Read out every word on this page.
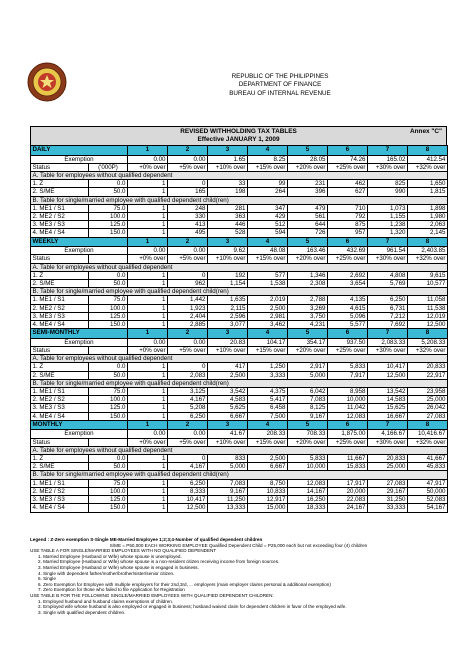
REPUBLIC OF THE PHILIPPINES
DEPARTMENT OF FINANCE
BUREAU OF INTERNAL REVENUE
REVISED WITHHOLDING TAX TABLES	Annex "C"
Effective JANUARY 1, 2009
DAILY		1	2	3	4	5	6	7	8
Exemption		0.00	0.00	1.65	8.25	28.05	74.26	165.02	412.54
Status	('000P)	+0% over	+5% over	+10% over	+15% over	+20% over	+25% over	+30% over	+32% over
A. Table for employees without qualified dependent									
1. Z	0.0	1	0	33	99	231	462	825	1,650
2. S/ME	50.0	1	165	198	264	396	627	990	1,815
B. Table for single/married employee with qualified dependent child(ren)									
1. ME1 / S1	75.0	1	248	281	347	479	710	1,073	1,898
2. ME2 / S2	100.0	1	330	363	429	561	792	1,155	1,980
3. ME3 / S3	125.0	1	413	446	512	644	875	1,238	2,063
4. ME4 / S4	150.0	1	495	528	594	726	957	1,320	2,145
WEEKLY		1	2	3	4	5	6	7	8
Exemption		0.00	0.00	9.62	48.08	163.46	432.69	961.54	2,403.85
Status		+0% over	+5% over	+10% over	+15% over	+20% over	+25% over	+30% over	+32% over
A. Table for employees without qualified dependent									
1. Z	0.0	1	0	192	577	1,346	2,692	4,808	9,615
2. S/ME	50.0	1	962	1,154	1,538	2,308	3,654	5,769	10,577
B. Table for single/married employee with qualified dependent child(ren)									
1. ME1 / S1	75.0	1	1,442	1,635	2,019	2,788	4,135	6,250	11,058
2. ME2 / S2	100.0	1	1,923	2,115	2,500	3,269	4,615	6,731	11,538
3. ME3 / S3	125.0	1	2,404	2,596	2,981	3,750	5,096	7,212	12,019
4. ME4 / S4	150.0	1	2,885	3,077	3,462	4,231	5,577	7,692	12,500
SEMI-MONTHLY		1	2	3	4	5	6	7	8
Exemption		0.00	0.00	20.83	104.17	354.17	937.50	2,083.33	5,208.33
Status		+0% over	+5% over	+10% over	+15% over	+20% over	+25% over	+30% over	+32% over
A. Table for employees without qualified dependent									
1. Z	0.0	1	0	417	1,250	2,917	5,833	10,417	20,833
2. S/ME	50.0	1	2,083	2,500	3,333	5,000	7,917	12,500	22,917
B. Table for single/married employee with qualified dependent child(ren)									
1. ME1 / S1	75.0	1	3,125	3,542	4,375	6,042	8,958	13,542	23,958
2. ME2 / S2	100.0	1	4,167	4,583	5,417	7,083	10,000	14,583	25,000
3. ME3 / S3	125.0	1	5,208	5,625	6,458	8,125	11,042	15,625	26,042
4. ME4 / S4	150.0	1	6,250	6,667	7,500	9,167	12,083	16,667	27,083
MONTHLY		1	2	3	4	5	6	7	8
Exemption		0.00	0.00	41.67	208.33	708.33	1,875.00	4,166.67	10,416.67
Status		+0% over	+5% over	+10% over	+15% over	+20% over	+25% over	+30% over	+32% over
A. Table for employees without qualified dependent									
1. Z	0.0	1	0	833	2,500	5,833	11,667	20,833	41,667
2. S/ME	50.0	1	4,167	5,000	6,667	10,000	15,833	25,000	45,833
B. Table for single/married employee with qualified dependent child(ren)									
1. ME1 / S1	75.0	1	6,250	7,083	8,750	12,083	17,917	27,083	47,917
2. ME2 / S2	100.0	1	8,333	9,167	10,833	14,167	20,000	29,167	50,000
3. ME3 / S3	125.0	1	10,417	11,250	12,917	16,250	22,083	31,250	52,083
4. ME4 / S4	150.0	1	12,500	13,333	15,000	18,333	24,167	33,333	54,167
Legend : Z-Zero exemption S-Single ME-Married Employee 1;2;3;4-Number of qualified dependent children
S/ME = P50,000 EACH WORKING EMPLOYEE Qualified Dependent Child = P25,000 each but not exceeding four (4) children
USE TABLE A FOR SINGLE/MARRIED EMPLOYEES WITH NO QUALIFIED DEPENDENT
1. Married Employee (Husband or Wife) whose spouse is unemployed.
2. Married Employee (Husband or Wife) whose spouse is a non-resident citizen receiving income from foreign sources.
3. Married Employee (Husband or Wife) whose spouse is engaged in business.
4. Single with dependent father/mother/brother/sister/senior citizen.
5. Single
6. Zero Exemption for Employee with multiple employers for their 2nd,3rd, ... employers (main employer claims personal & additional exemption)
7. Zero Exemption for those who failed to file Application for Registration
USE TABLE B FOR THE FOLLOWING SINGLE/MARRIED EMPLOYEES WITH QUALIFIED DEPENDENT CHILDREN:
1. Employed husband and husband claims exemptions of children.
2. Employed wife whose husband is also employed or engaged in business; husband waived claim for dependent children in favor of the employed wife.
3. Single with qualified dependent children.
